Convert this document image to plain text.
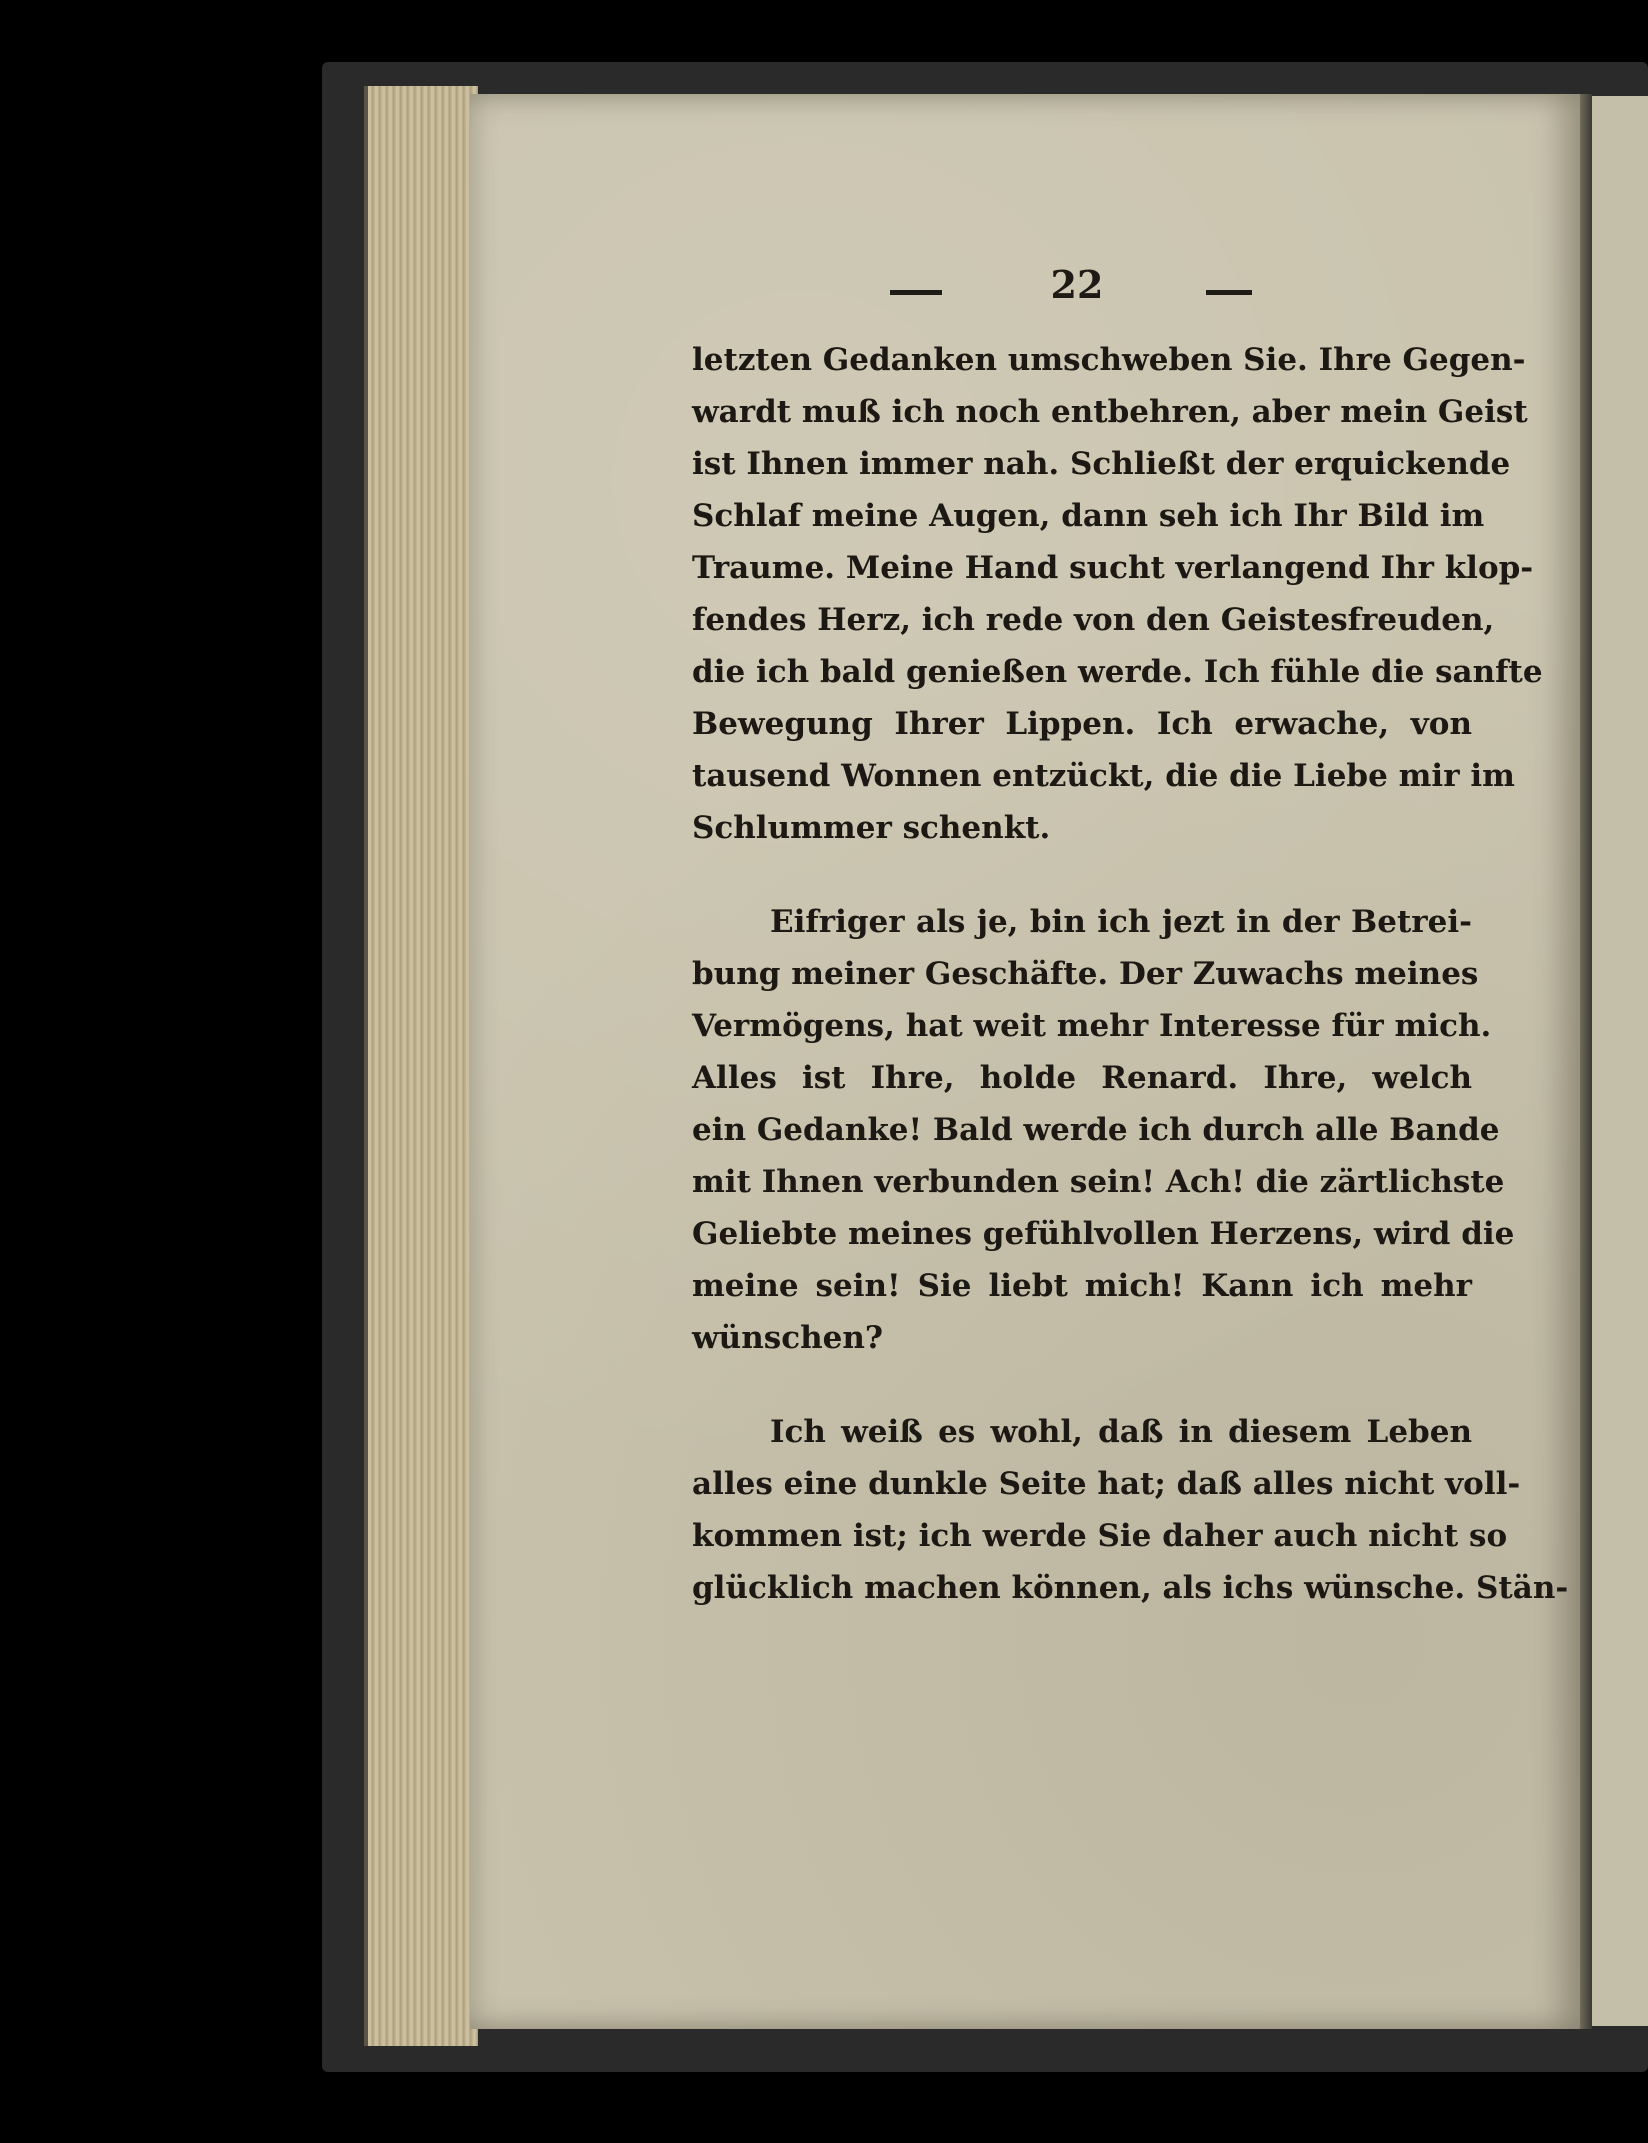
22
letzten Gedanken umschweben Sie. Ihre Gegen-
wardt muß ich noch entbehren, aber mein Geist
ist Ihnen immer nah. Schließt der erquickende
Schlaf meine Augen, dann seh ich Ihr Bild im
Traume. Meine Hand sucht verlangend Ihr klop-
fendes Herz, ich rede von den Geistesfreuden,
die ich bald genießen werde. Ich fühle die sanfte
Bewegung Ihrer Lippen. Ich erwache, von
tausend Wonnen entzückt, die die Liebe mir im
Schlummer schenkt.
Eifriger als je, bin ich jezt in der Betrei-
bung meiner Geschäfte. Der Zuwachs meines
Vermögens, hat weit mehr Interesse für mich.
Alles ist Ihre, holde Renard. Ihre, welch
ein Gedanke! Bald werde ich durch alle Bande
mit Ihnen verbunden sein! Ach! die zärtlichste
Geliebte meines gefühlvollen Herzens, wird die
meine sein! Sie liebt mich! Kann ich mehr
wünschen?
Ich weiß es wohl, daß in diesem Leben
alles eine dunkle Seite hat; daß alles nicht voll-
kommen ist; ich werde Sie daher auch nicht so
glücklich machen können, als ichs wünsche. Stän-
